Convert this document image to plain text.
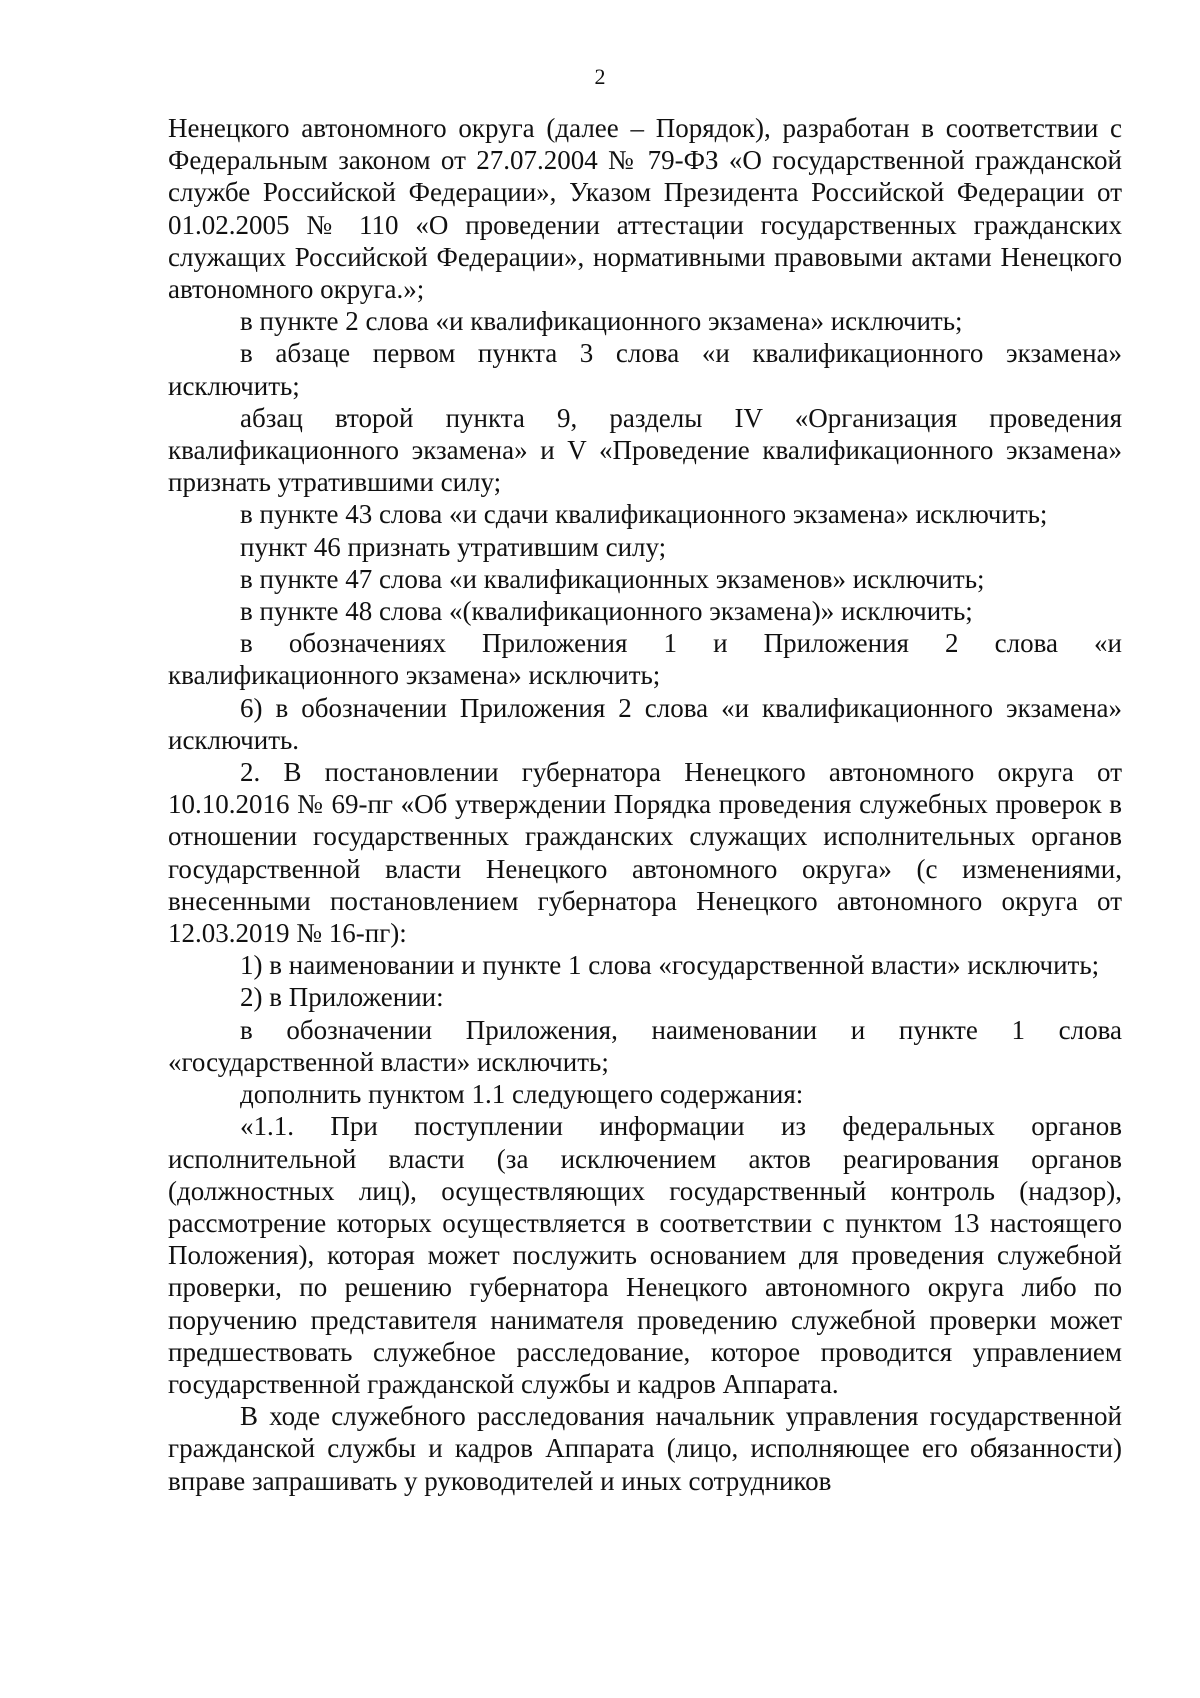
2

Ненецкого автономного округа (далее – Порядок), разработан в соответствии с Федеральным законом от 27.07.2004 № 79-ФЗ «О государственной гражданской службе Российской Федерации», Указом Президента Российской Федерации от 01.02.2005 № 110 «О проведении аттестации государственных гражданских служащих Российской Федерации», нормативными правовыми актами Ненецкого автономного округа.»;

в пункте 2 слова «и квалификационного экзамена» исключить;

в абзаце первом пункта 3 слова «и квалификационного экзамена» исключить;

абзац второй пункта 9, разделы IV «Организация проведения квалификационного экзамена» и V «Проведение квалификационного экзамена» признать утратившими силу;

в пункте 43 слова «и сдачи квалификационного экзамена» исключить;

пункт 46 признать утратившим силу;

в пункте 47 слова «и квалификационных экзаменов» исключить;

в пункте 48 слова «(квалификационного экзамена)» исключить;

в обозначениях Приложения 1 и Приложения 2 слова «и квалификационного экзамена» исключить;

6) в обозначении Приложения 2 слова «и квалификационного экзамена» исключить.

2. В постановлении губернатора Ненецкого автономного округа от 10.10.2016 № 69-пг «Об утверждении Порядка проведения служебных проверок в отношении государственных гражданских служащих исполнительных органов государственной власти Ненецкого автономного округа» (с изменениями, внесенными постановлением губернатора Ненецкого автономного округа от 12.03.2019 № 16-пг):

1) в наименовании и пункте 1 слова «государственной власти» исключить;

2) в Приложении:

в обозначении Приложения, наименовании и пункте 1 слова «государственной власти» исключить;

дополнить пунктом 1.1 следующего содержания:

«1.1. При поступлении информации из федеральных органов исполнительной власти (за исключением актов реагирования органов (должностных лиц), осуществляющих государственный контроль (надзор), рассмотрение которых осуществляется в соответствии с пунктом 13 настоящего Положения), которая может послужить основанием для проведения служебной проверки, по решению губернатора Ненецкого автономного округа либо по поручению представителя нанимателя проведению служебной проверки может предшествовать служебное расследование, которое проводится управлением государственной гражданской службы и кадров Аппарата.

В ходе служебного расследования начальник управления государственной гражданской службы и кадров Аппарата (лицо, исполняющее его обязанности) вправе запрашивать у руководителей и иных сотрудников
